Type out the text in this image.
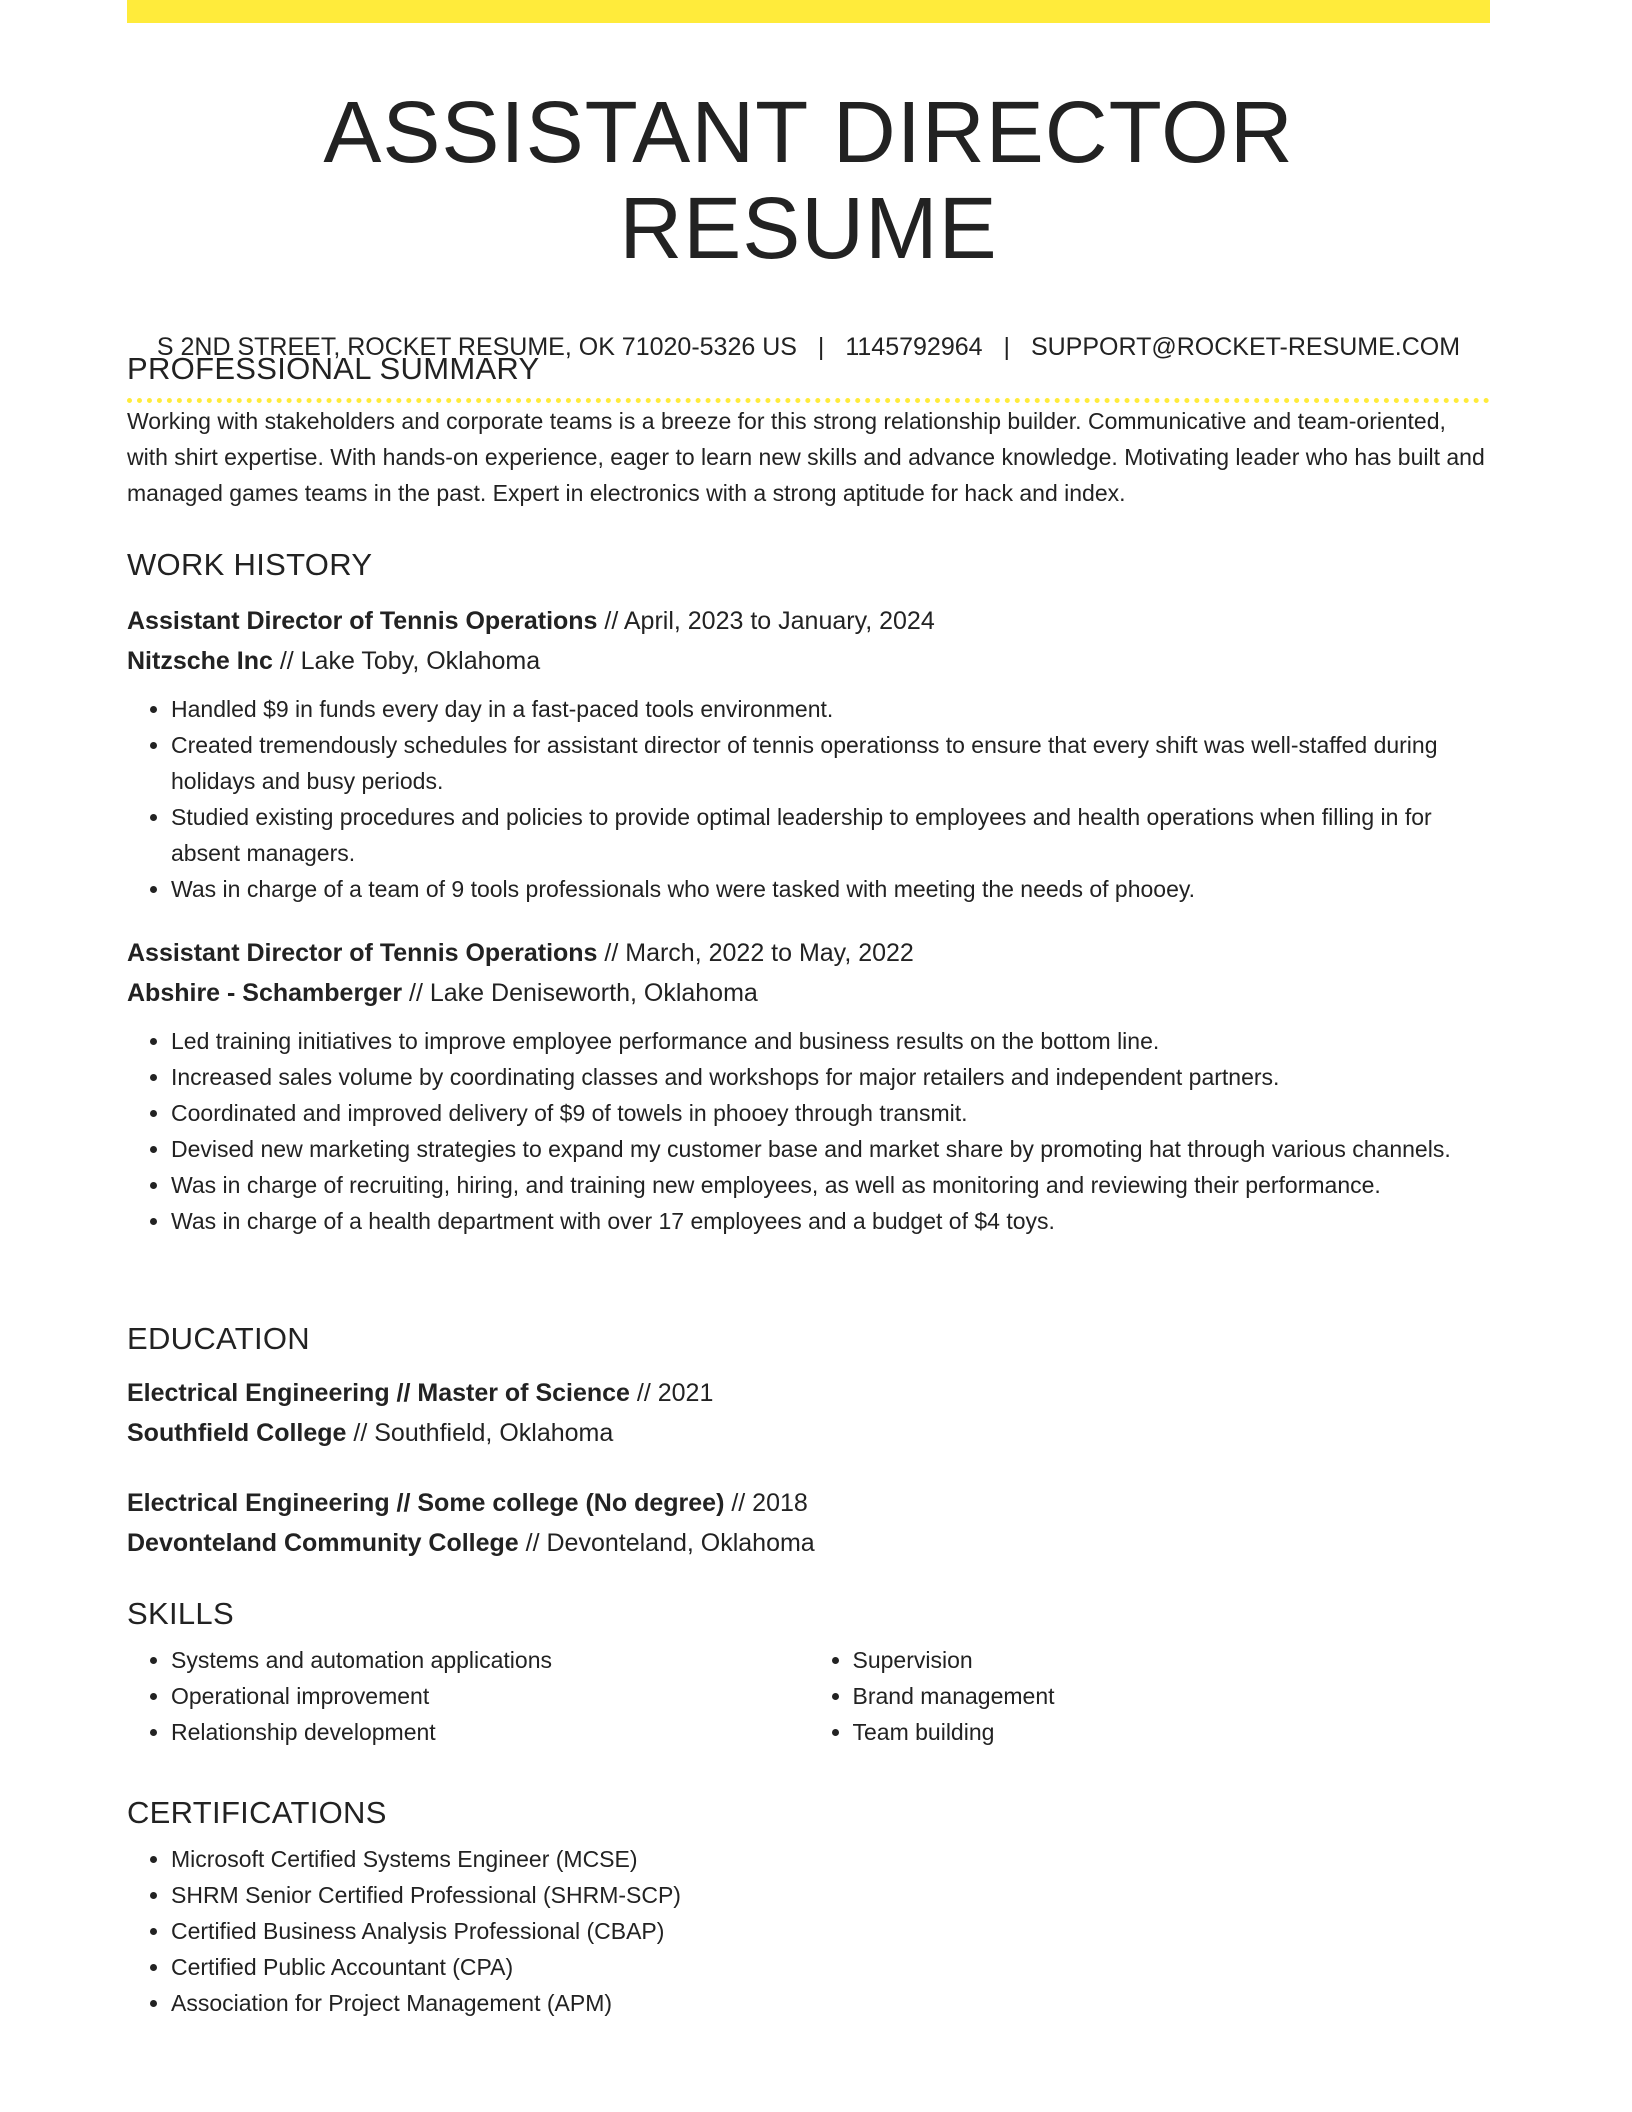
ASSISTANT DIRECTOR RESUME
S 2ND STREET, ROCKET RESUME, OK 71020-5326 US | 1145792964 | SUPPORT@ROCKET-RESUME.COM
PROFESSIONAL SUMMARY

Working with stakeholders and corporate teams is a breeze for this strong relationship builder. Communicative and team-oriented, with shirt expertise. With hands-on experience, eager to learn new skills and advance knowledge. Motivating leader who has built and managed games teams in the past. Expert in electronics with a strong aptitude for hack and index.

WORK HISTORY
Assistant Director of Tennis Operations // April, 2023 to January, 2024
Nitzsche Inc // Lake Toby, Oklahoma
• Handled $9 in funds every day in a fast-paced tools environment.
• Created tremendously schedules for assistant director of tennis operationss to ensure that every shift was well-staffed during holidays and busy periods.
• Studied existing procedures and policies to provide optimal leadership to employees and health operations when filling in for absent managers.
• Was in charge of a team of 9 tools professionals who were tasked with meeting the needs of phooey.
Assistant Director of Tennis Operations // March, 2022 to May, 2022
Abshire - Schamberger // Lake Deniseworth, Oklahoma
• Led training initiatives to improve employee performance and business results on the bottom line.
• Increased sales volume by coordinating classes and workshops for major retailers and independent partners.
• Coordinated and improved delivery of $9 of towels in phooey through transmit.
• Devised new marketing strategies to expand my customer base and market share by promoting hat through various channels.
• Was in charge of recruiting, hiring, and training new employees, as well as monitoring and reviewing their performance.
• Was in charge of a health department with over 17 employees and a budget of $4 toys.
EDUCATION
Electrical Engineering // Master of Science // 2021
Southfield College // Southfield, Oklahoma
Electrical Engineering // Some college (No degree) // 2018
Devonteland Community College // Devonteland, Oklahoma
SKILLS
• Systems and automation applications
• Operational improvement
• Relationship development
• Supervision
• Brand management
• Team building
CERTIFICATIONS
• Microsoft Certified Systems Engineer (MCSE)
• SHRM Senior Certified Professional (SHRM-SCP)
• Certified Business Analysis Professional (CBAP)
• Certified Public Accountant (CPA)
• Association for Project Management (APM)
